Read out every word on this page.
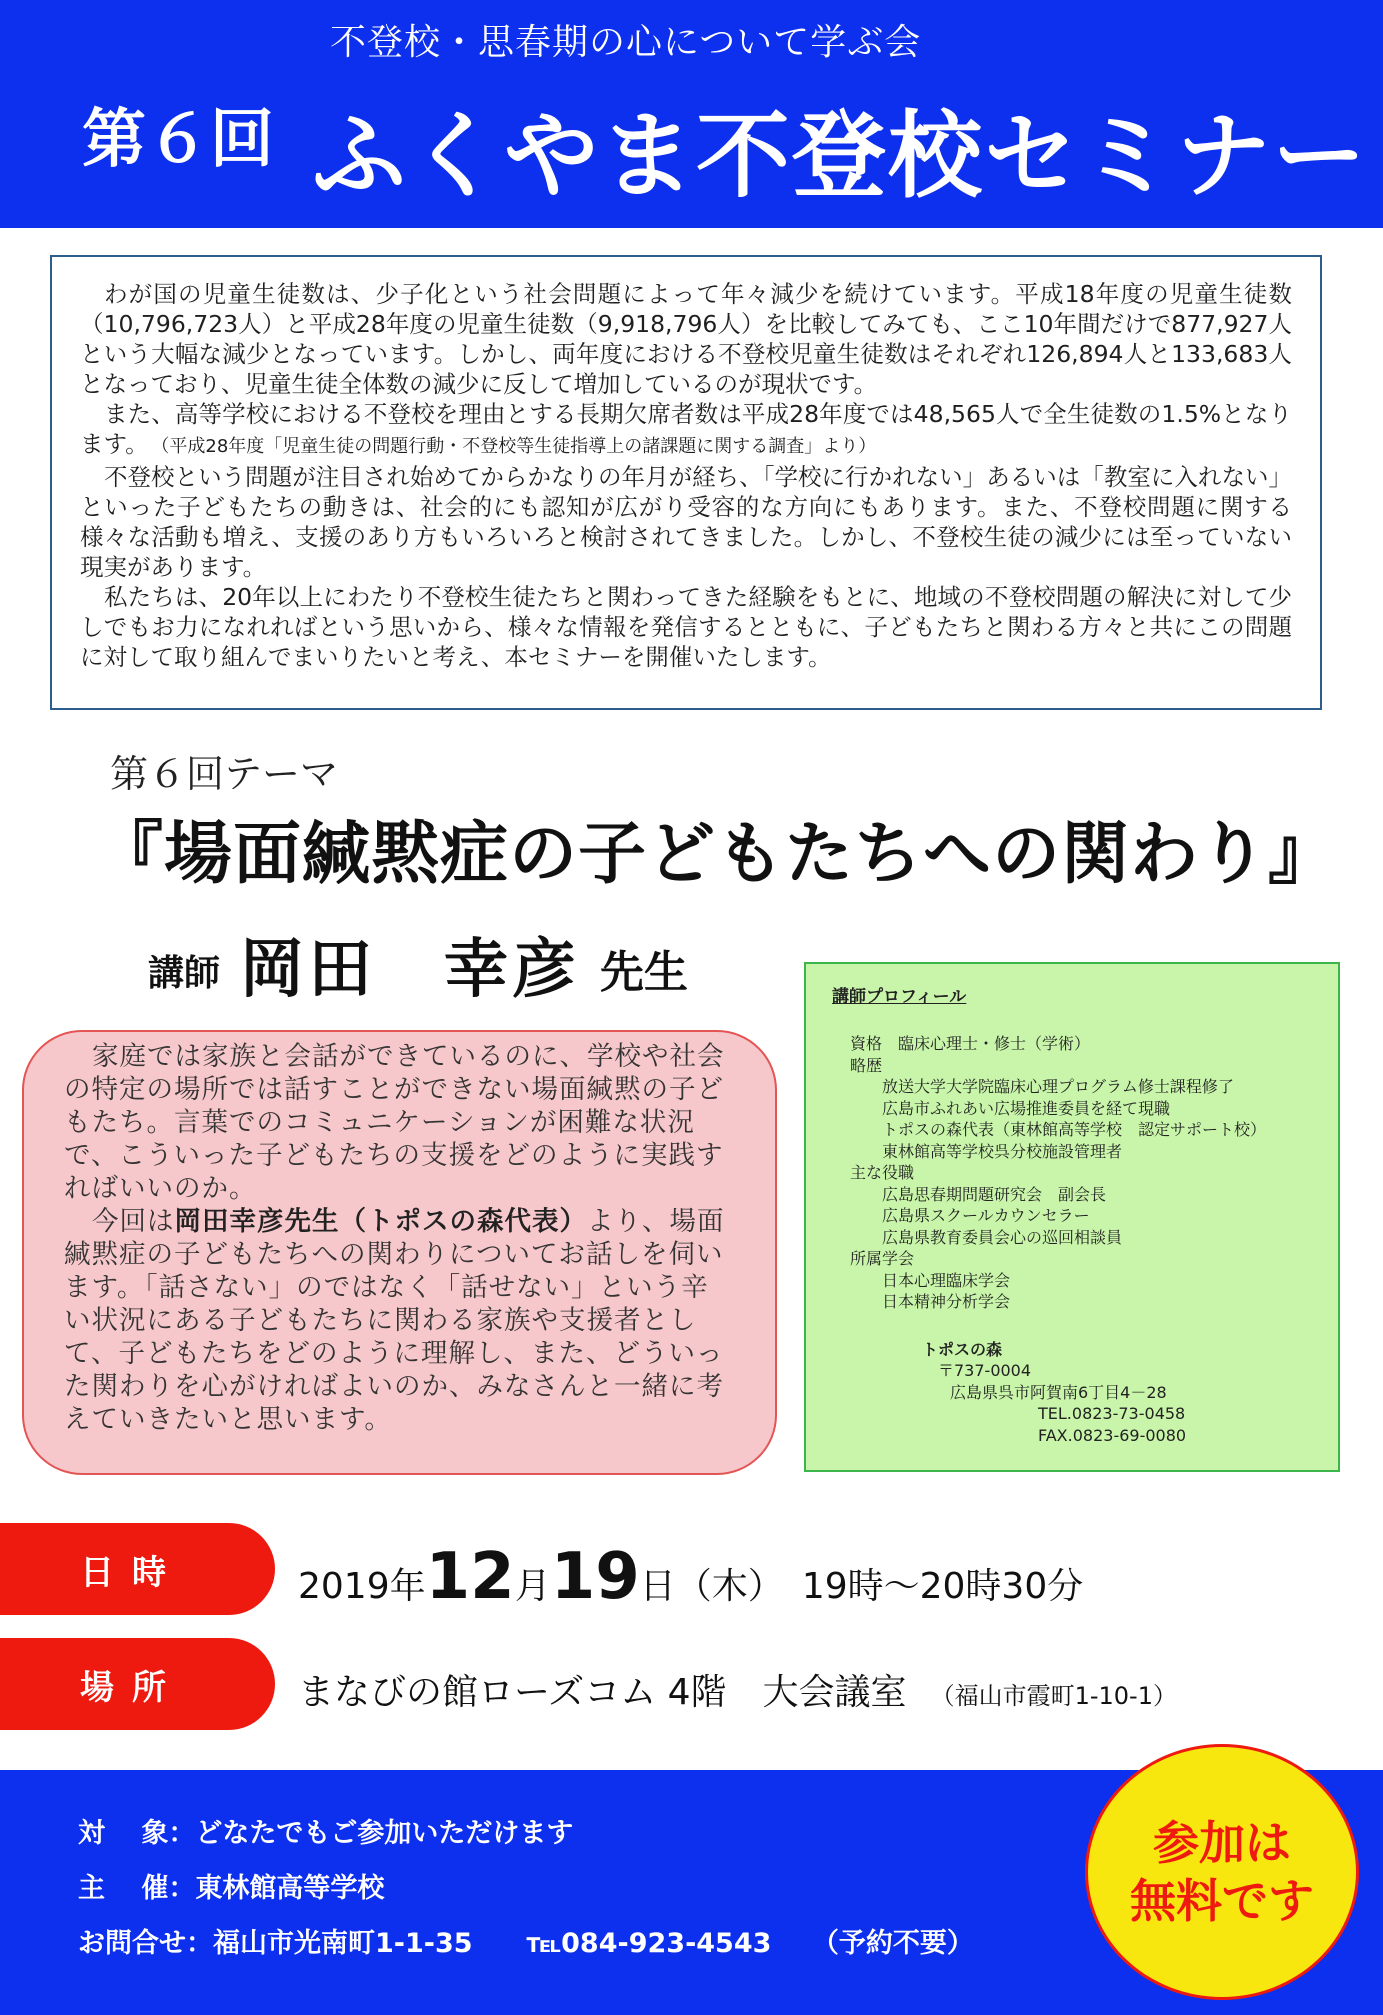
不登校・思春期の心について学ぶ会
第６回 ふくやま不登校セミナー

わが国の児童生徒数は、少子化という社会問題によって年々減少を続けています。平成18年度の児童生徒数（10,796,723人）と平成28年度の児童生徒数（9,918,796人）を比較してみても、ここ10年間だけで877,927人という大幅な減少となっています。しかし、両年度における不登校児童生徒数はそれぞれ126,894人と133,683人となっており、児童生徒全体数の減少に反して増加しているのが現状です。

また、高等学校における不登校を理由とする長期欠席者数は平成28年度では48,565人で全生徒数の1.5%となります。　 （平成28年度「児童生徒の問題行動・不登校等生徒指導上の諸課題に関する調査」より）

不登校という問題が注目され始めてからかなりの年月が経ち、「学校に行かれない」あるいは「教室に入れない」といった子どもたちの動きは、社会的にも認知が広がり受容的な方向にもあります。また、不登校問題に関する様々な活動も増え、支援のあり方もいろいろと検討されてきました。しかし、不登校生徒の減少には至っていない現実があります。

私たちは、20年以上にわたり不登校生徒たちと関わってきた経験をもとに、地域の不登校問題の解決に対して少しでもお力になれればという思いから、様々な情報を発信するとともに、子どもたちと関わる方々と共にこの問題に対して取り組んでまいりたいと考え、本セミナーを開催いたします。

第６回テーマ
『場面緘黙症の子どもたちへの関わり』
講師 岡田　幸彦 先生

家庭では家族と会話ができているのに、学校や社会の特定の場所では話すことができない場面緘黙の子どもたち。言葉でのコミュニケーションが困難な状況で、こういった子どもたちの支援をどのように実践すればいいのか。

今回は岡田幸彦先生（トポスの森代表）より、場面緘黙症の子どもたちへの関わりについてお話しを伺います。「話さない」のではなく「話せない」という辛い状況にある子どもたちに関わる家族や支援者として、子どもたちをどのように理解し、また、どういった関わりを心がければよいのか、みなさんと一緒に考えていきたいと思います。

講師プロフィール
資格　臨床心理士・修士（学術）
略歴
　　放送大学大学院臨床心理プログラム修士課程修了
　　広島市ふれあい広場推進委員を経て現職
　　トポスの森代表（東林館高等学校　認定サポート校）
　　東林館高等学校呉分校施設管理者
主な役職
　　広島思春期問題研究会　副会長
　　広島県スクールカウンセラー
　　広島県教育委員会心の巡回相談員
所属学会
　　日本心理臨床学会
　　日本精神分析学会
トポスの森
〒737-0004
広島県呉市阿賀南6丁目4－28
TEL.0823-73-0458
FAX.0823-69-0080
日時	2019年12月19日（木）　 19時～20時30分
場所	まなびの館ローズコム 4階　大会議室　 （福山市霞町1-10-1）
対　 象：どなたでもご参加いただけます
主　 催：東林館高等学校
お問合せ：福山市光南町1-1-35　　℡084-923-4543　　（予約不要）
参加は
無料です
